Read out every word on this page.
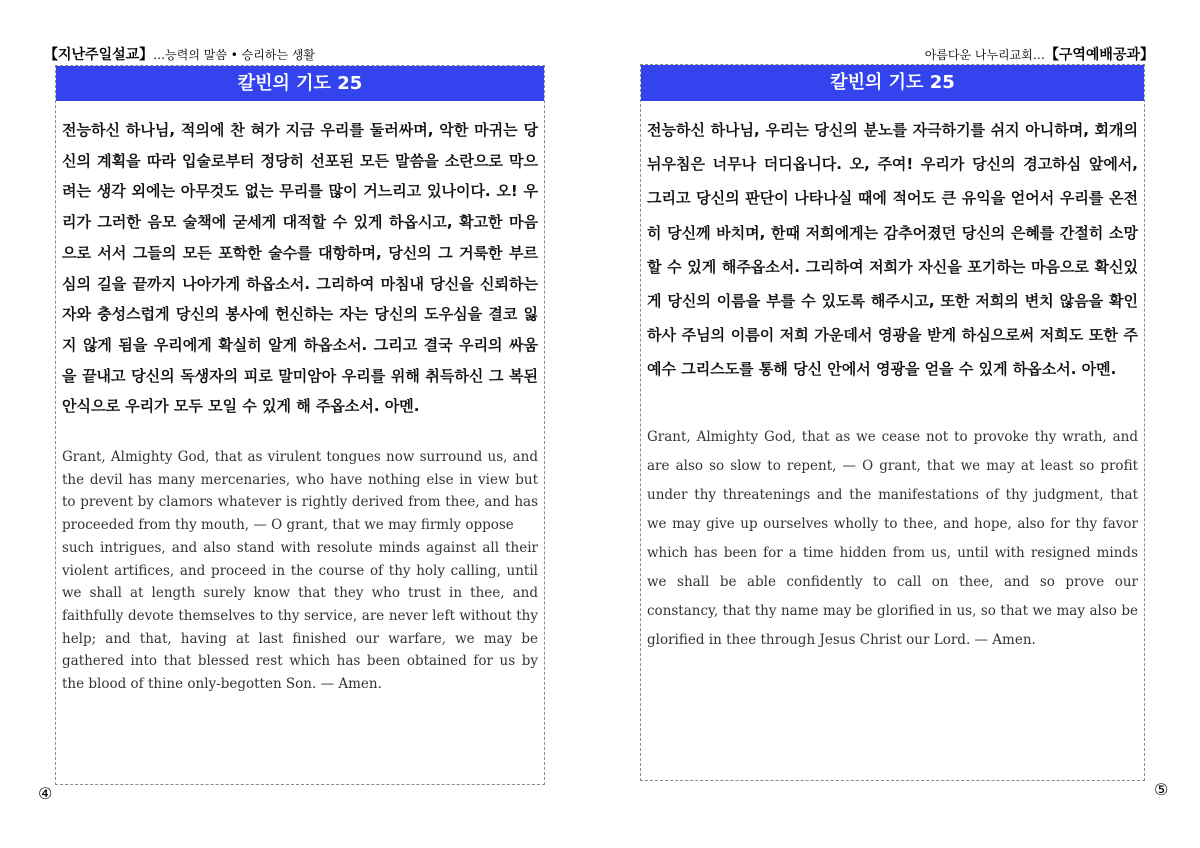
【지난주일설교】…능력의 말씀 • 승리하는 생활	아름다운 나누리교회…【구역예배공과】
칼빈의 기도 25

전능하신 하나님, 적의에 찬 혀가 지금 우리를 둘러싸며, 악한 마귀는 당신의 계획을 따라 입술로부터 정당히 선포된 모든 말씀을 소란으로 막으려는 생각 외에는 아무것도 없는 무리를 많이 거느리고 있나이다. 오! 우리가 그러한 음모 술책에 굳세게 대적할 수 있게 하옵시고, 확고한 마음으로 서서 그들의 모든 포학한 술수를 대항하며, 당신의 그 거룩한 부르심의 길을 끝까지 나아가게 하옵소서. 그리하여 마침내 당신을 신뢰하는 자와 충성스럽게 당신의 봉사에 헌신하는 자는 당신의 도우심을 결코 잃지 않게 됨을 우리에게 확실히 알게 하옵소서. 그리고 결국 우리의 싸움을 끝내고 당신의 독생자의 피로 말미암아 우리를 위해 취득하신 그 복된 안식으로 우리가 모두 모일 수 있게 해 주옵소서. 아멘.

Grant, Almighty God, that as virulent tongues now surround us, and the devil has many mercenaries, who have nothing else in view but to prevent by clamors whatever is rightly derived from thee, and has proceeded from thy mouth, — O grant, that we may firmly oppose
such intrigues, and also stand with resolute minds against all their violent artifices, and proceed in the course of thy holy calling, until we shall at length surely know that they who trust in thee, and faithfully devote themselves to thy service, are never left without thy help; and that, having at last finished our warfare, we may be gathered into that blessed rest which has been obtained for us by the blood of thine only-begotten Son. — Amen.

칼빈의 기도 25

전능하신 하나님, 우리는 당신의 분노를 자극하기를 쉬지 아니하며, 회개의 뉘우침은 너무나 더디옵니다. 오, 주여! 우리가 당신의 경고하심 앞에서, 그리고 당신의 판단이 나타나실 때에 적어도 큰 유익을 얻어서 우리를 온전히 당신께 바치며, 한때 저희에게는 감추어졌던 당신의 은혜를 간절히 소망할 수 있게 해주옵소서. 그리하여 저희가 자신을 포기하는 마음으로 확신있게 당신의 이름을 부를 수 있도록 해주시고, 또한 저희의 변치 않음을 확인하사 주님의 이름이 저희 가운데서 영광을 받게 하심으로써 저희도 또한 주 예수 그리스도를 통해 당신 안에서 영광을 얻을 수 있게 하옵소서. 아멘.

Grant, Almighty God, that as we cease not to provoke thy wrath, and are also so slow to repent, — O grant, that we may at least so profit under thy threatenings and the manifestations of thy judgment, that we may give up ourselves wholly to thee, and hope, also for thy favor which has been for a time hidden from us, until with resigned minds we shall be able confidently to call on thee, and so prove our constancy, that thy name may be glorified in us, so that we may also be glorified in thee through Jesus Christ our Lord. — Amen.

④	⑤
